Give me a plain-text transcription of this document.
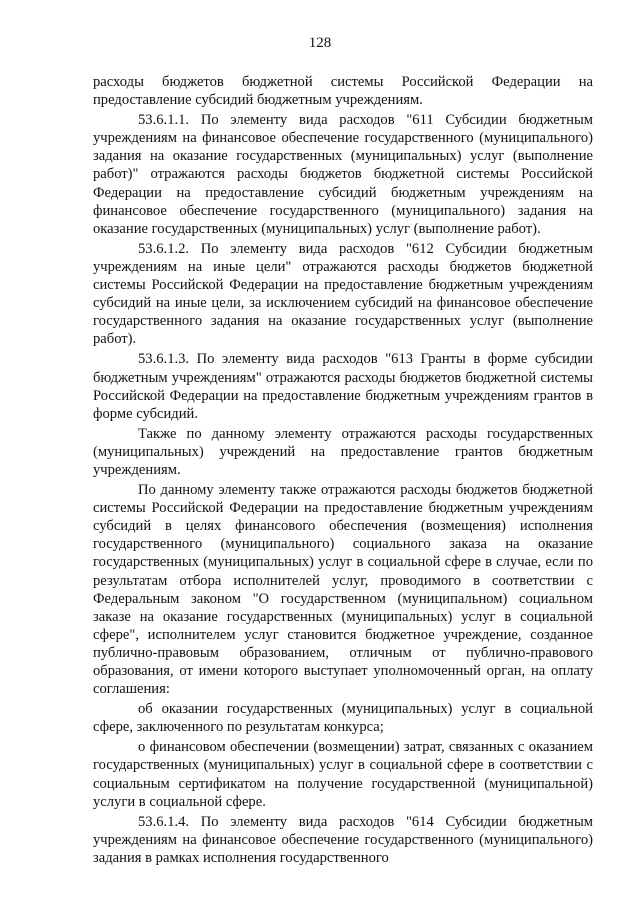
128

расходы бюджетов бюджетной системы Российской Федерации на предоставление субсидий бюджетным учреждениям.

53.6.1.1. По элементу вида расходов "611 Субсидии бюджетным учреждениям на финансовое обеспечение государственного (муниципального) задания на оказание государственных (муниципальных) услуг (выполнение работ)" отражаются расходы бюджетов бюджетной системы Российской Федерации на предоставление субсидий бюджетным учреждениям на финансовое обеспечение государственного (муниципального) задания на оказание государственных (муниципальных) услуг (выполнение работ).

53.6.1.2. По элементу вида расходов "612 Субсидии бюджетным учреждениям на иные цели" отражаются расходы бюджетов бюджетной системы Российской Федерации на предоставление бюджетным учреждениям субсидий на иные цели, за исключением субсидий на финансовое обеспечение государственного задания на оказание государственных услуг (выполнение работ).

53.6.1.3. По элементу вида расходов "613 Гранты в форме субсидии бюджетным учреждениям" отражаются расходы бюджетов бюджетной системы Российской Федерации на предоставление бюджетным учреждениям грантов в форме субсидий.

Также по данному элементу отражаются расходы государственных (муниципальных) учреждений на предоставление грантов бюджетным учреждениям.

По данному элементу также отражаются расходы бюджетов бюджетной системы Российской Федерации на предоставление бюджетным учреждениям субсидий в целях финансового обеспечения (возмещения) исполнения государственного (муниципального) социального заказа на оказание государственных (муниципальных) услуг в социальной сфере в случае, если по результатам отбора исполнителей услуг, проводимого в соответствии с Федеральным законом "О государственном (муниципальном) социальном заказе на оказание государственных (муниципальных) услуг в социальной сфере", исполнителем услуг становится бюджетное учреждение, созданное публично-правовым образованием, отличным от публично-правового образования, от имени которого выступает уполномоченный орган, на оплату соглашения:

об оказании государственных (муниципальных) услуг в социальной сфере, заключенного по результатам конкурса;

о финансовом обеспечении (возмещении) затрат, связанных с оказанием государственных (муниципальных) услуг в социальной сфере в соответствии с социальным сертификатом на получение государственной (муниципальной) услуги в социальной сфере.

53.6.1.4. По элементу вида расходов "614 Субсидии бюджетным учреждениям на финансовое обеспечение государственного (муниципального) задания в рамках исполнения государственного
